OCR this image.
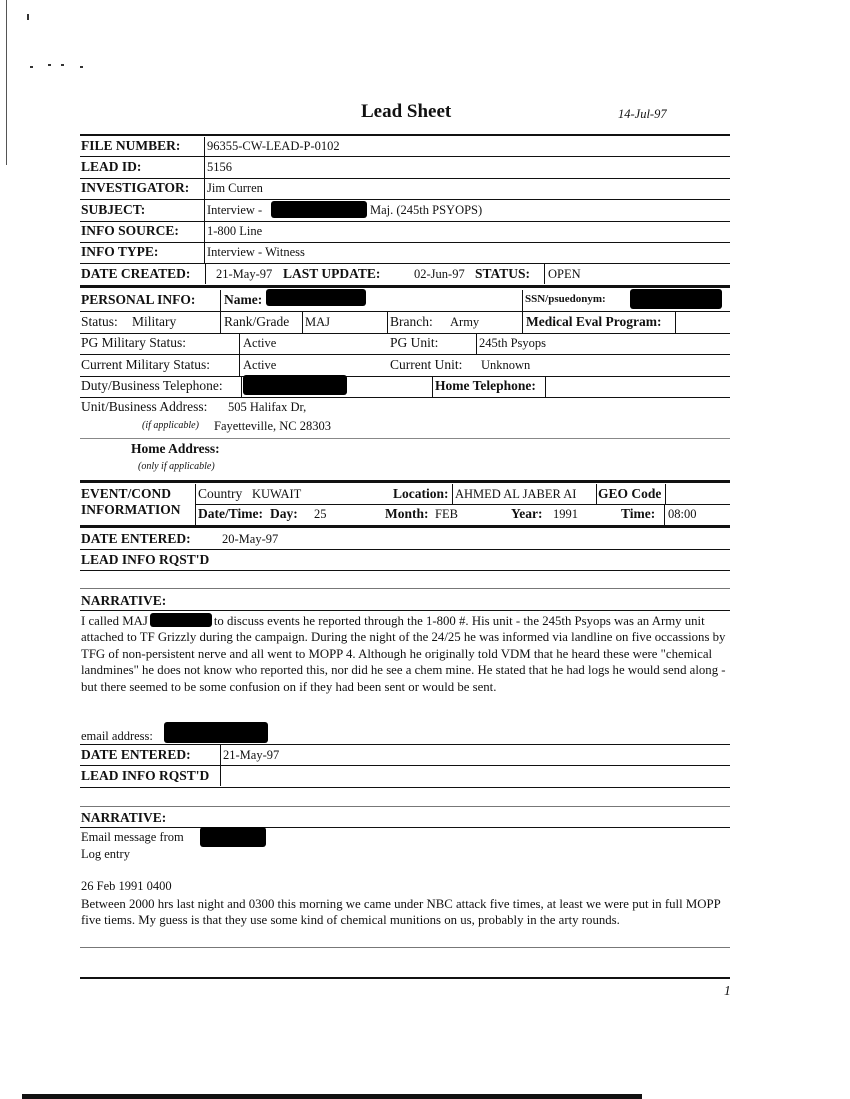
Lead Sheet	14-Jul-97
FILE NUMBER: 96355-CW-LEAD-P-0102
LEAD ID:	5156
INVESTIGATOR: Jim Curren
SUBJECT:	Interview -	Maj. (245th PSYOPS)
INFO SOURCE: 1-800 Line
INFO TYPE:	Interview - Witness
DATE CREATED: 21-May-97 LAST UPDATE:	02-Jun-97 STATUS: OPEN
PERSONAL INFO: Name:	SSN/psuedonym:
Status: Military	Rank/Grade MAJ	Branch: Army	Medical Eval Program:
PG Military Status:	Active	PG Unit:	245th Psyops
Current Military Status:	Active	Current Unit: Unknown
Duty/Business Telephone:	Home Telephone:
Unit/Business Address: 505 Halifax Dr,
(if applicable) Fayetteville, NC 28303
Home Address:
(only if applicable)
EVENT/COND
INFORMATION
Country KUWAIT	Location: AHMED AL JABER AI GEO Code
Date/Time: Day: 25	Month: FEB	Year: 1991	Time: 08:00
DATE ENTERED:	20-May-97
LEAD INFO RQST'D
NARRATIVE:
I called MAJ	to discuss events he reported through the 1-800 #. His unit - the 245th Psyops was an Army unit attached to TF Grizzly during the campaign. During the night of the 24/25 he was informed via landline on five occassions by TFG of non-persistent nerve and all went to MOPP 4. Although he originally told VDM that he heard these were "chemical landmines" he does not know who reported this, nor did he see a chem mine. He stated that he had logs he would send along - but there seemed to be some confusion on if they had been sent or would be sent.
email address:
DATE ENTERED:	21-May-97
LEAD INFO RQST'D
NARRATIVE:
Email message from
Log entry
26 Feb 1991 0400
Between 2000 hrs last night and 0300 this morning we came under NBC attack five times, at least we were put in full MOPP five tiems. My guess is that they use some kind of chemical munitions on us, probably in the arty rounds.
1
